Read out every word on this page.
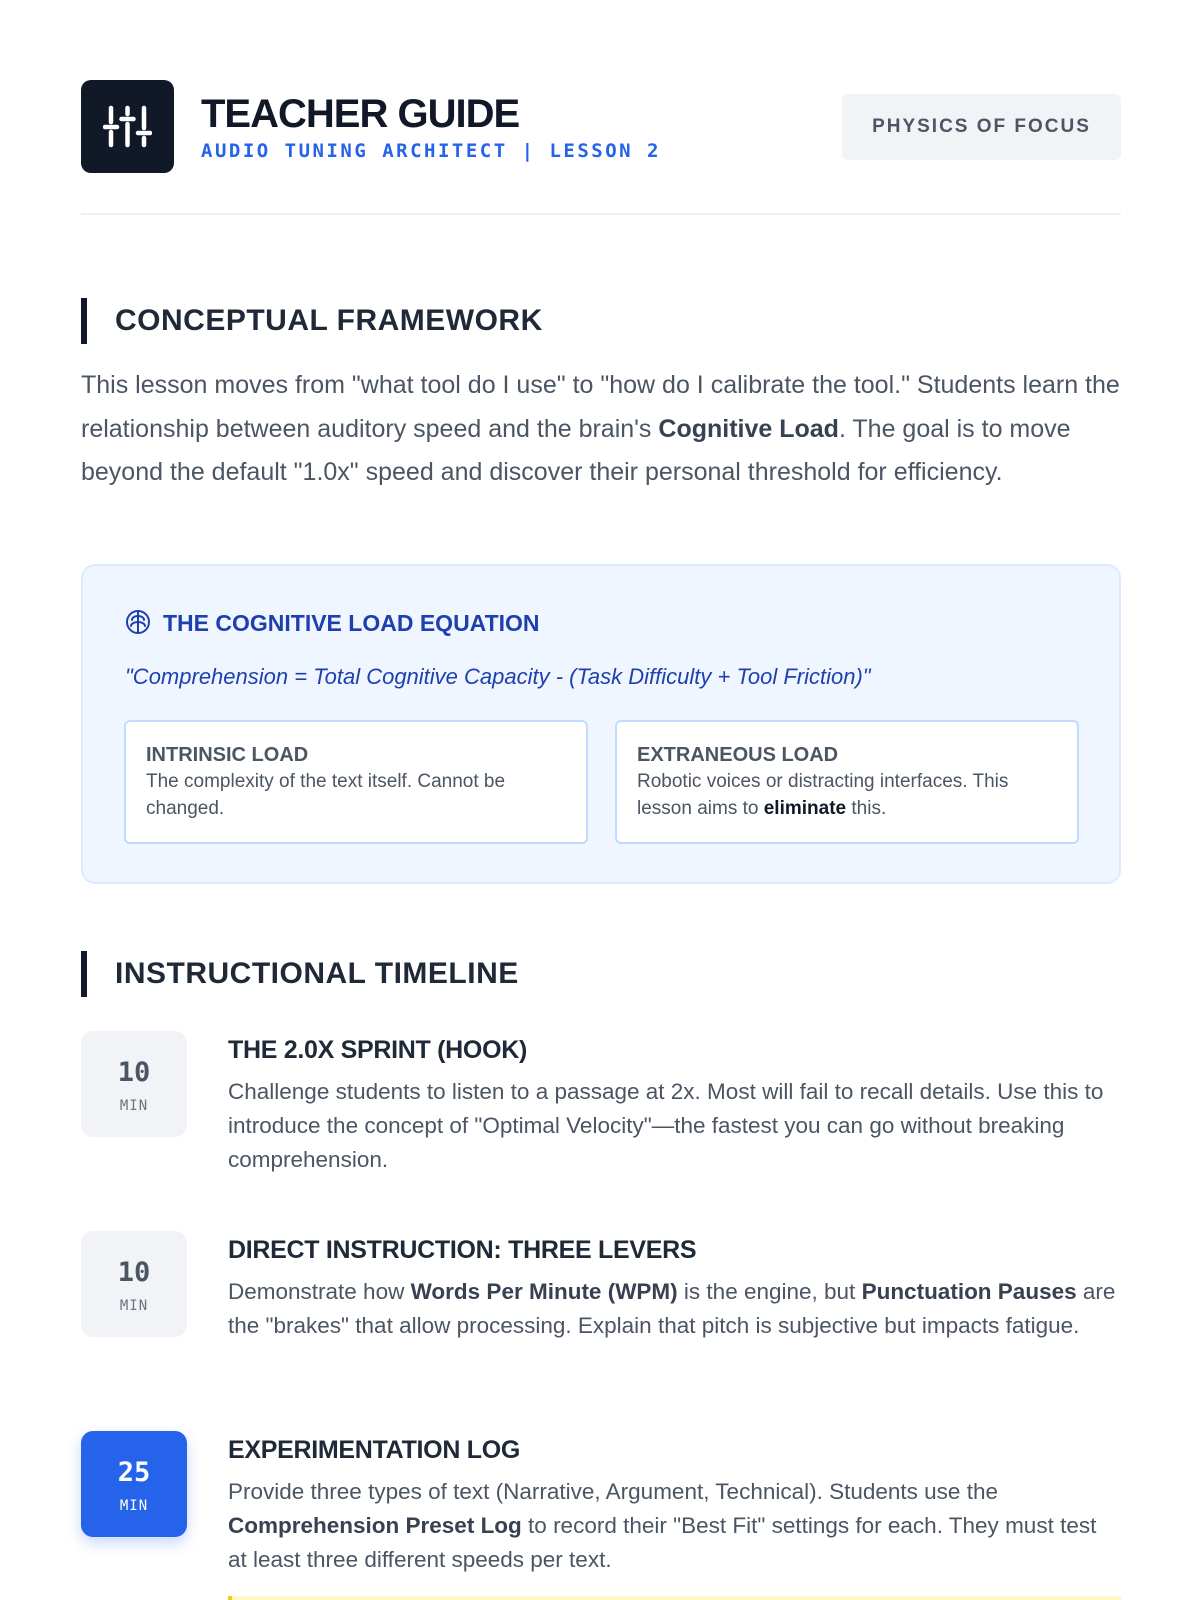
TEACHER GUIDE
AUDIO TUNING ARCHITECT | LESSON 2
PHYSICS OF FOCUS
CONCEPTUAL FRAMEWORK

This lesson moves from "what tool do I use" to "how do I calibrate the tool." Students learn the relationship between auditory speed and the brain's Cognitive Load. The goal is to move beyond the default "1.0x" speed and discover their personal threshold for efficiency.

THE COGNITIVE LOAD EQUATION
"Comprehension = Total Cognitive Capacity - (Task Difficulty + Tool Friction)"
INTRINSIC LOAD
The complexity of the text itself. Cannot be changed.
EXTRANEOUS LOAD
Robotic voices or distracting interfaces. This lesson aims to eliminate this.
INSTRUCTIONAL TIMELINE
10
MIN
THE 2.0X SPRINT (HOOK)
Challenge students to listen to a passage at 2x. Most will fail to recall details. Use this to introduce the concept of "Optimal Velocity"—the fastest you can go without breaking comprehension.
10
MIN
DIRECT INSTRUCTION: THREE LEVERS
Demonstrate how Words Per Minute (WPM) is the engine, but Punctuation Pauses are the "brakes" that allow processing. Explain that pitch is subjective but impacts fatigue.
25
MIN
EXPERIMENTATION LOG
Provide three types of text (Narrative, Argument, Technical). Students use the Comprehension Preset Log to record their "Best Fit" settings for each. They must test at least three different speeds per text.
